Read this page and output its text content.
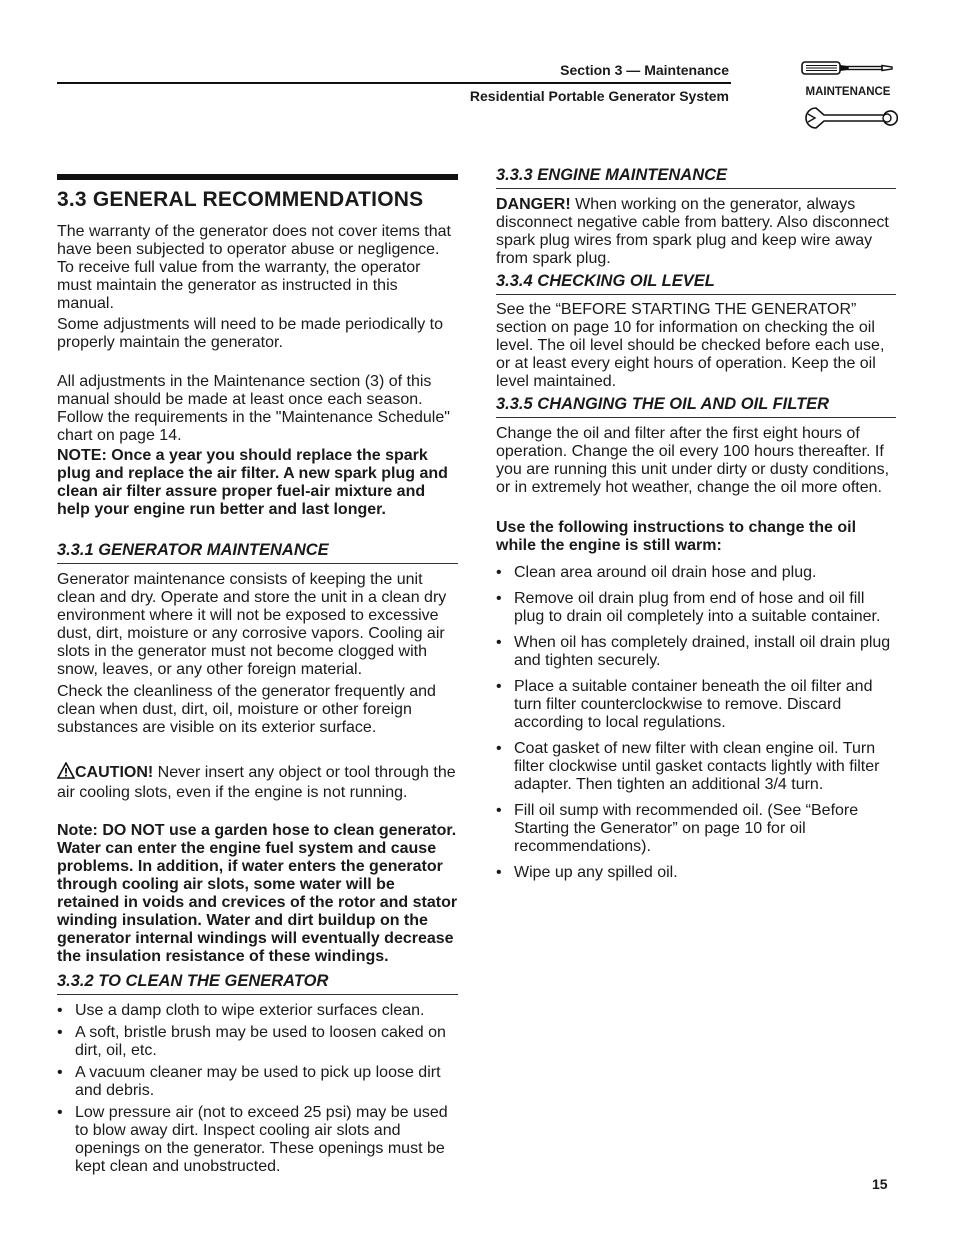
Section 3 — Maintenance
Residential Portable Generator System	MAINTENANCE
3.3 GENERAL RECOMMENDATIONS

The warranty of the generator does not cover items that have been subjected to operator abuse or negligence. To receive full value from the warranty, the operator must maintain the generator as instructed in this manual.

Some adjustments will need to be made periodically to properly maintain the generator.

All adjustments in the Maintenance section (3) of this manual should be made at least once each season. Follow the requirements in the "Maintenance Schedule" chart on page 14.

NOTE: Once a year you should replace the spark plug and replace the air filter. A new spark plug and clean air filter assure proper fuel-air mixture and help your engine run better and last longer.

3.3.1 GENERATOR MAINTENANCE

Generator maintenance consists of keeping the unit clean and dry. Operate and store the unit in a clean dry environment where it will not be exposed to excessive dust, dirt, moisture or any corrosive vapors. Cooling air slots in the generator must not become clogged with snow, leaves, or any other foreign material.

Check the cleanliness of the generator frequently and clean when dust, dirt, oil, moisture or other foreign substances are visible on its exterior surface.

CAUTION! Never insert any object or tool through the air cooling slots, even if the engine is not running.

Note: DO NOT use a garden hose to clean generator. Water can enter the engine fuel system and cause problems. In addition, if water enters the generator through cooling air slots, some water will be retained in voids and crevices of the rotor and stator winding insulation. Water and dirt buildup on the generator internal windings will eventually decrease the insulation resistance of these windings.

3.3.2 TO CLEAN THE GENERATOR
• Use a damp cloth to wipe exterior surfaces clean.
• A soft, bristle brush may be used to loosen caked on dirt, oil, etc.
• A vacuum cleaner may be used to pick up loose dirt and debris.
• Low pressure air (not to exceed 25 psi) may be used to blow away dirt. Inspect cooling air slots and openings on the generator. These openings must be kept clean and unobstructed.
3.3.3 ENGINE MAINTENANCE

DANGER! When working on the generator, always disconnect negative cable from battery. Also disconnect spark plug wires from spark plug and keep wire away from spark plug.

3.3.4 CHECKING OIL LEVEL

See the “BEFORE STARTING THE GENERATOR” section on page 10 for information on checking the oil level. The oil level should be checked before each use, or at least every eight hours of operation. Keep the oil level maintained.

3.3.5 CHANGING THE OIL AND OIL FILTER

Change the oil and filter after the first eight hours of operation. Change the oil every 100 hours thereafter. If you are running this unit under dirty or dusty conditions, or in extremely hot weather, change the oil more often.

Use the following instructions to change the oil while the engine is still warm:

• Clean area around oil drain hose and plug.
• Remove oil drain plug from end of hose and oil fill plug to drain oil completely into a suitable container.
• When oil has completely drained, install oil drain plug and tighten securely.
• Place a suitable container beneath the oil filter and turn filter counterclockwise to remove. Discard according to local regulations.
• Coat gasket of new filter with clean engine oil. Turn filter clockwise until gasket contacts lightly with filter adapter. Then tighten an additional 3/4 turn.
• Fill oil sump with recommended oil. (See “Before Starting the Generator” on page 10 for oil recommendations).
• Wipe up any spilled oil.
15
